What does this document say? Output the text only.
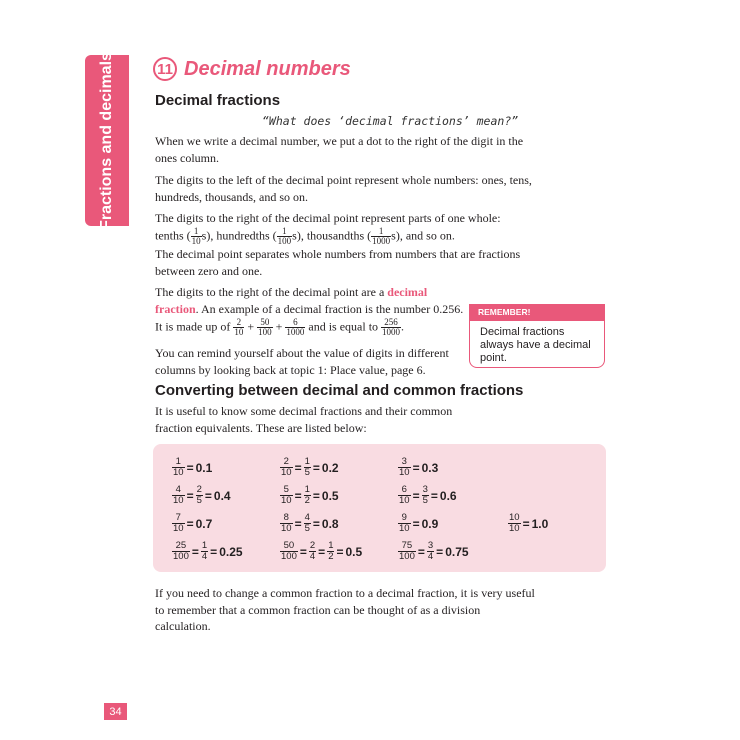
Fractions and decimals	11 Decimal numbers
Decimal fractions
“What does ‘decimal fractions’ mean?”

When we write a decimal number, we put a dot to the right of the digit in the ones column.

The digits to the left of the decimal point represent whole numbers: ones, tens, hundreds, thousands, and so on.

The digits to the right of the decimal point represent parts of one whole:
tenths ( $\frac{1}{10} s$), hundredths ( $\frac{1}{100} s$), thousandths ( $\frac{1}{1000} s$), and so on.

The decimal point separates whole numbers from numbers that are fractions between zero and one.

The digits to the right of the decimal point are a decimal fraction. An example of a decimal fraction is the number 0.256.

It is made up of $\frac{2}{10} + \frac{50}{100} + \frac{6}{1000}$ and is equal to $\frac{256}{1000}$ .

You can remind yourself about the value of digits in different columns by looking back at topic 1: Place value, page 6.

REMEMBER!
Decimal fractions always have a decimal point.
Converting between decimal and common fractions

It is useful to know some decimal fractions and their common fraction equivalents. These are listed below:

$\frac{1}{10} = 0.1$	$\frac{2}{10} = \frac{1}{5} = 0.2$	$\frac{3}{10} = 0.3$
$\frac{4}{10} = \frac{2}{5} = 0.4$	$\frac{5}{10} = \frac{1}{2} = 0.5$	$\frac{6}{10} = \frac{3}{5} = 0.6$
$\frac{7}{10} = 0.7$	$\frac{8}{10} = \frac{4}{5} = 0.8$	$\frac{9}{10} = 0.9$	$\frac{10}{10} = 1.0$
$\frac{25}{100} = \frac{1}{4} = 0.25$	$\frac{50}{100} = \frac{2}{4} = \frac{1}{2} = 0.5$	$\frac{75}{100} = \frac{3}{4} = 0.75$

If you need to change a common fraction to a decimal fraction, it is very useful to remember that a common fraction can be thought of as a division calculation.

34
